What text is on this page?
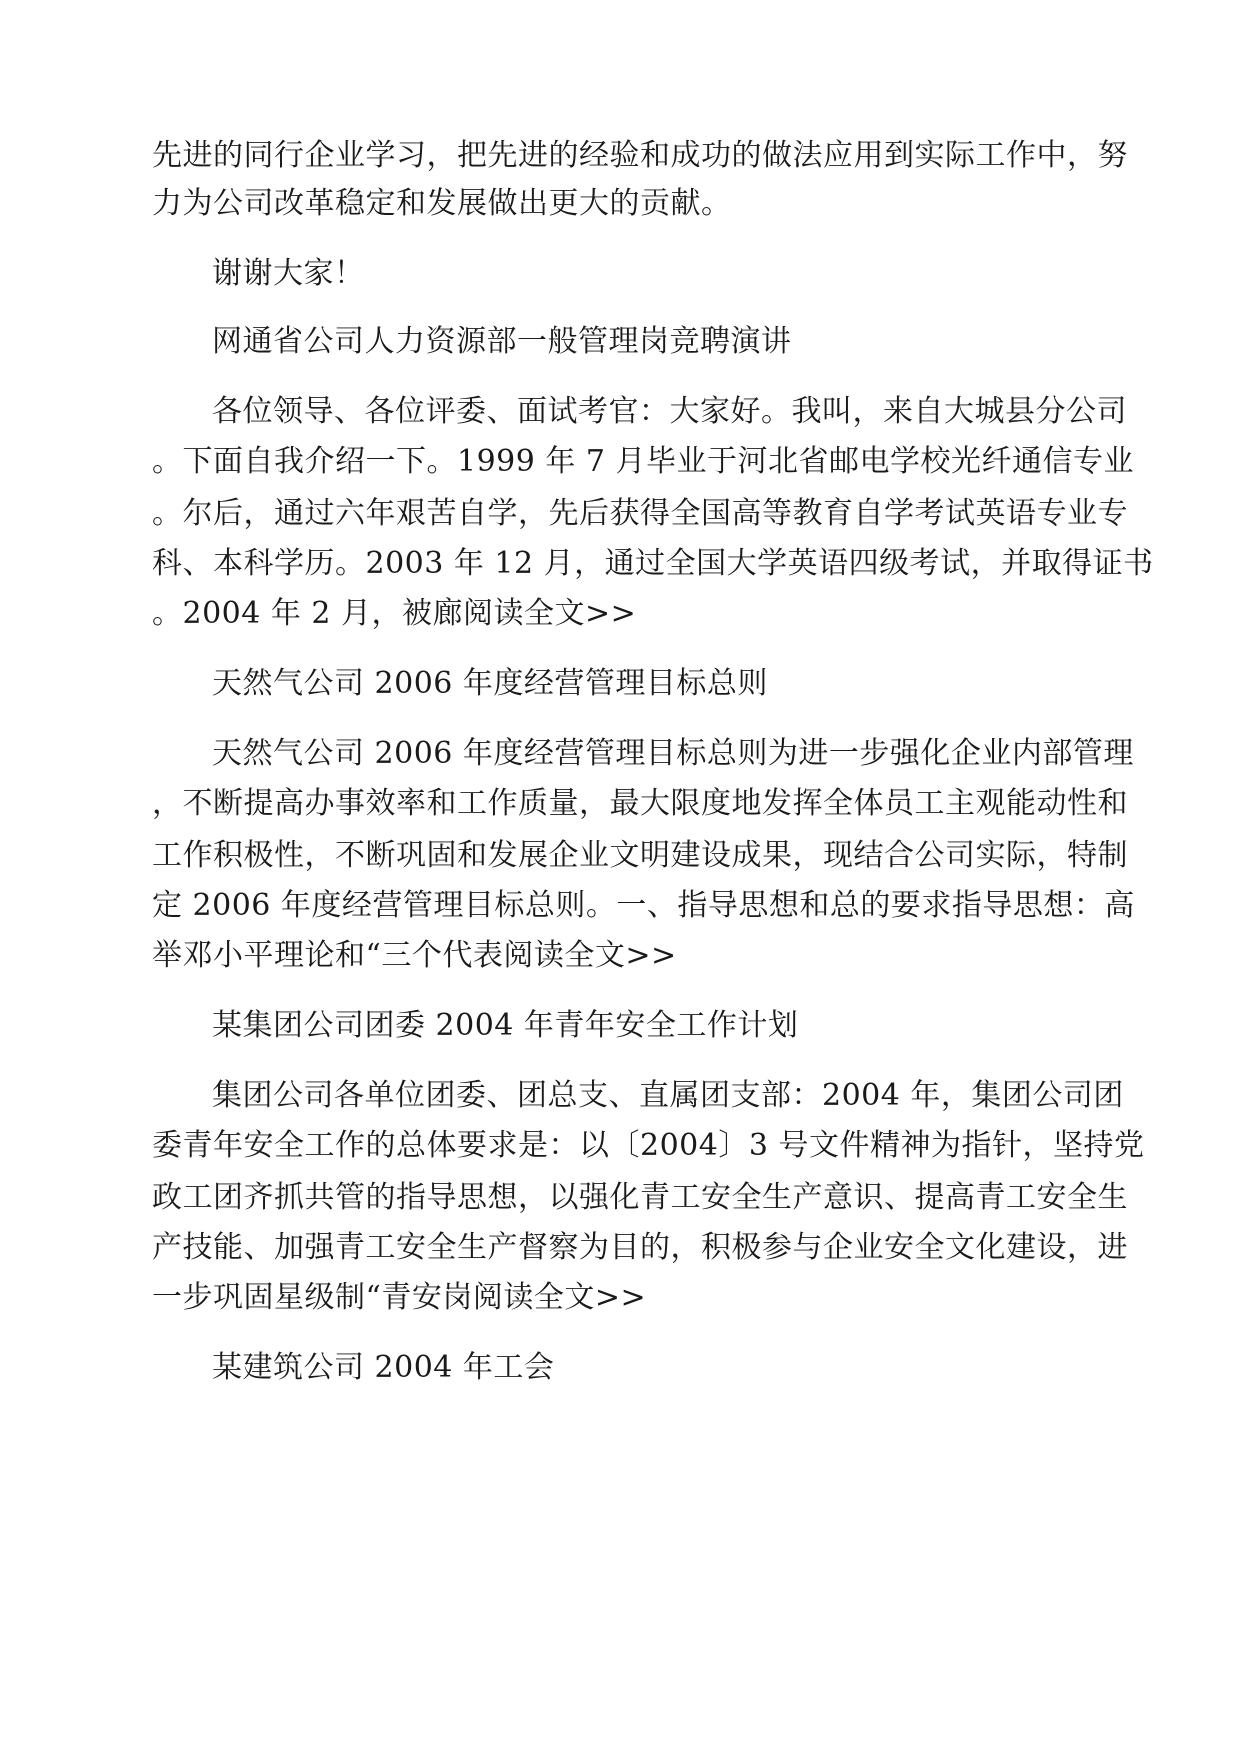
先进的同行企业学习，把先进的经验和成功的做法应用到实际工作中，努
力为公司改革稳定和发展做出更大的贡献。
谢谢大家！
网通省公司人力资源部一般管理岗竞聘演讲
各位领导、各位评委、面试考官：大家好。我叫，来自大城县分公司
。下面自我介绍一下。1999 年 7 月毕业于河北省邮电学校光纤通信专业
。尔后，通过六年艰苦自学，先后获得全国高等教育自学考试英语专业专
科、本科学历。2003 年 12 月，通过全国大学英语四级考试，并取得证书
。2004 年 2 月，被廊阅读全文>>
天然气公司 2006 年度经营管理目标总则
天然气公司 2006 年度经营管理目标总则为进一步强化企业内部管理
，不断提高办事效率和工作质量，最大限度地发挥全体员工主观能动性和
工作积极性，不断巩固和发展企业文明建设成果，现结合公司实际，特制
定 2006 年度经营管理目标总则。一、指导思想和总的要求指导思想：高
举邓小平理论和“三个代表阅读全文>>
某集团公司团委 2004 年青年安全工作计划
集团公司各单位团委、团总支、直属团支部：2004 年，集团公司团
委青年安全工作的总体要求是：以〔2004〕3 号文件精神为指针，坚持党
政工团齐抓共管的指导思想，以强化青工安全生产意识、提高青工安全生
产技能、加强青工安全生产督察为目的，积极参与企业安全文化建设，进
一步巩固星级制“青安岗阅读全文>>
某建筑公司 2004 年工会
